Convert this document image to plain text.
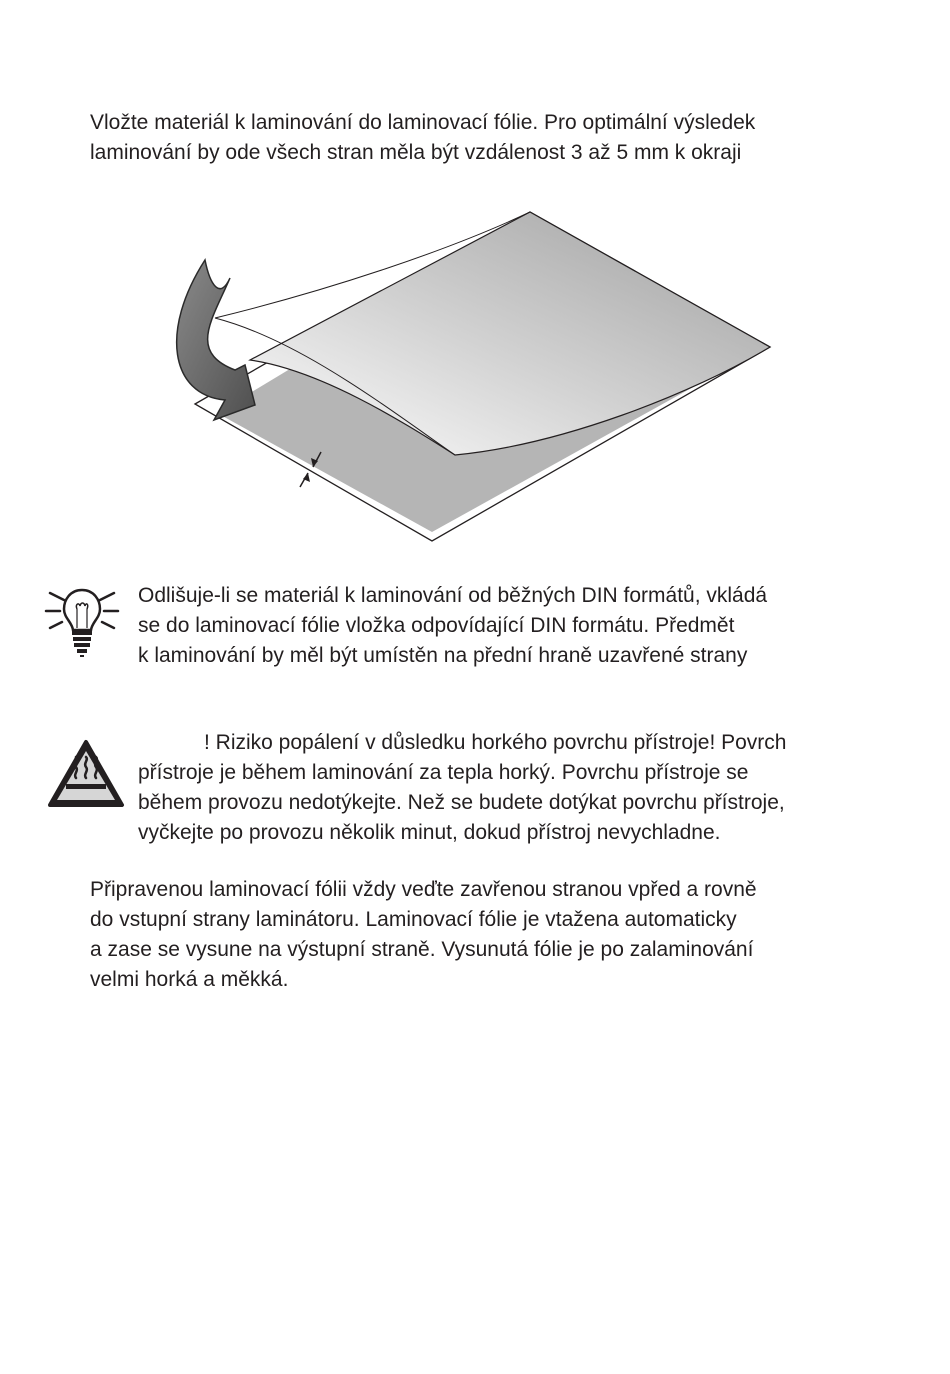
Vložte materiál k laminování do laminovací fólie. Pro optimální výsledek
laminování by ode všech stran měla být vzdálenost 3 až 5 mm k okraji

Odlišuje-li se materiál k laminování od běžných DIN formátů, vkládá
se do laminovací fólie vložka odpovídající DIN formátu. Předmět
k laminování by měl být umístěn na přední hraně uzavřené strany

! Riziko popálení v důsledku horkého povrchu přístroje! Povrch
přístroje je během laminování za tepla horký. Povrchu přístroje se
během provozu nedotýkejte. Než se budete dotýkat povrchu přístroje,
vyčkejte po provozu několik minut, dokud přístroj nevychladne.

Připravenou laminovací fólii vždy veďte zavřenou stranou vpřed a rovně
do vstupní strany laminátoru. Laminovací fólie je vtažena automaticky
a zase se vysune na výstupní straně. Vysunutá fólie je po zalaminování
velmi horká a měkká.
